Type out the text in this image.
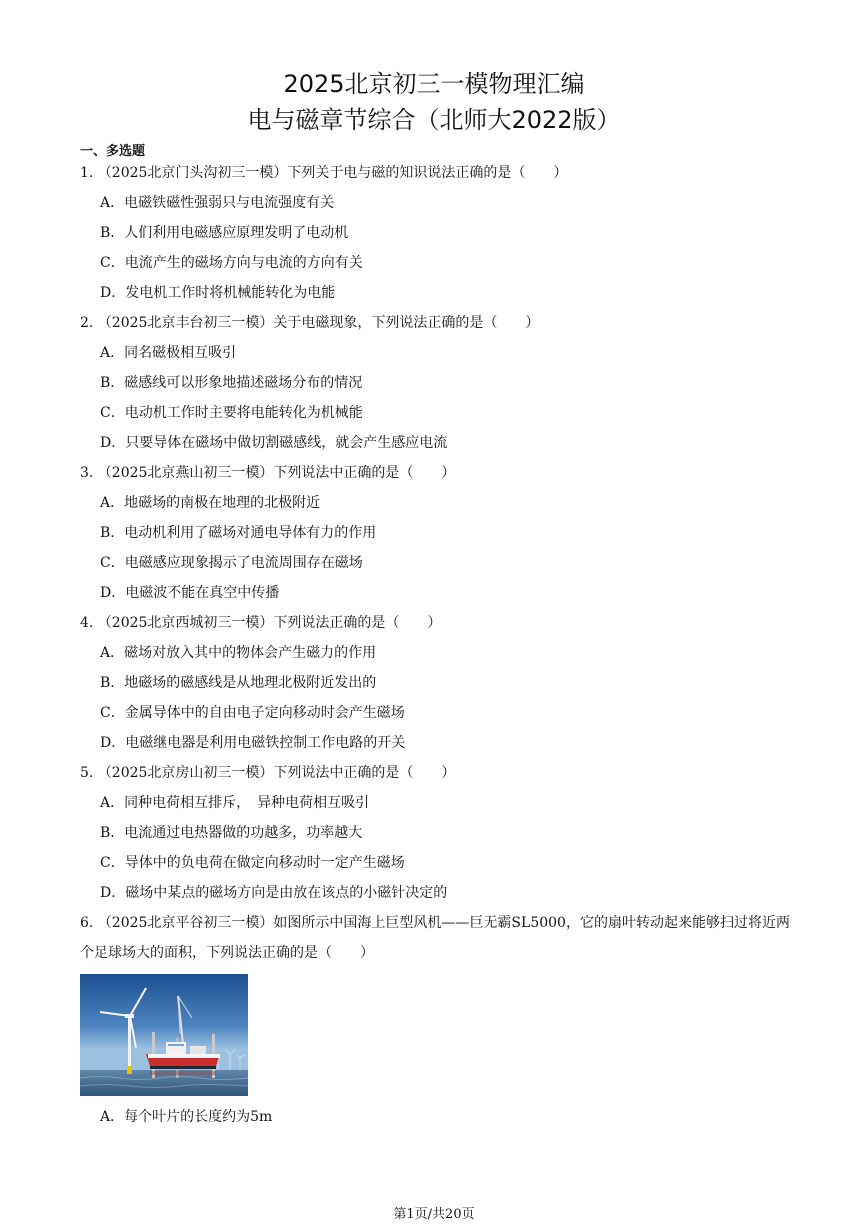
2025北京初三一模物理汇编
电与磁章节综合（北师大2022版）
一、多选题
1. （2025北京门头沟初三一模）下列关于电与磁的知识说法正确的是（　　）
A．电磁铁磁性强弱只与电流强度有关
B．人们利用电磁感应原理发明了电动机
C．电流产生的磁场方向与电流的方向有关
D．发电机工作时将机械能转化为电能
2. （2025北京丰台初三一模）关于电磁现象，下列说法正确的是（　　）
A．同名磁极相互吸引
B．磁感线可以形象地描述磁场分布的情况
C．电动机工作时主要将电能转化为机械能
D．只要导体在磁场中做切割磁感线，就会产生感应电流
3. （2025北京燕山初三一模）下列说法中正确的是（　　）
A．地磁场的南极在地理的北极附近
B．电动机利用了磁场对通电导体有力的作用
C．电磁感应现象揭示了电流周围存在磁场
D．电磁波不能在真空中传播
4. （2025北京西城初三一模）下列说法正确的是（　　）
A．磁场对放入其中的物体会产生磁力的作用
B．地磁场的磁感线是从地理北极附近发出的
C．金属导体中的自由电子定向移动时会产生磁场
D．电磁继电器是利用电磁铁控制工作电路的开关
5. （2025北京房山初三一模）下列说法中正确的是（　　）
A．同种电荷相互排斥，　异种电荷相互吸引
B．电流通过电热器做的功越多，功率越大
C．导体中的负电荷在做定向移动时一定产生磁场
D．磁场中某点的磁场方向是由放在该点的小磁针决定的
6. （2025北京平谷初三一模）如图所示中国海上巨型风机——巨无霸SL5000，它的扇叶转动起来能够扫过将近两个足球场大的面积，下列说法正确的是（　　）
A．每个叶片的长度约为5m
第1页/共20页
